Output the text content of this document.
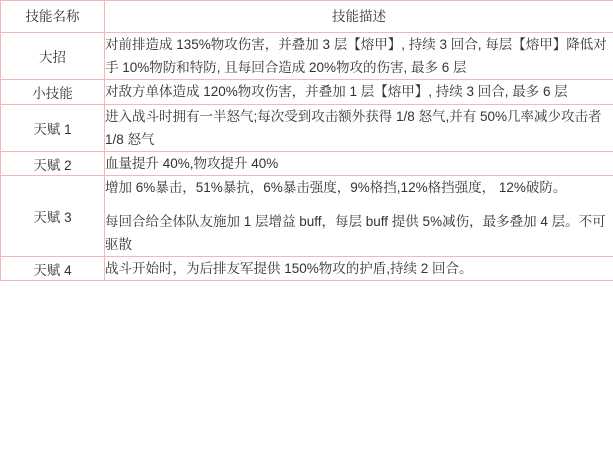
技能名称	技能描述
大招	对前排造成 135%物攻伤害，并叠加 3 层【熔甲】, 持续 3 回合, 每层【熔甲】降低对手 10%物防和特防, 且每回合造成 20%物攻的伤害, 最多 6 层

小技能	对敌方单体造成 120%物攻伤害，并叠加 1 层【熔甲】, 持续 3 回合, 最多 6 层

天赋 1	进入战斗时拥有一半怒气;每次受到攻击额外获得 1/8 怒气,并有 50%几率减少攻击者 1/8 怒气

天赋 2	血量提升 40%,物攻提升 40%

天赋 3	增加 6%暴击，51%暴抗，6%暴击强度，9%格挡,12%格挡强度， 12%破防。

每回合给全体队友施加 1 层增益 buff，每层 buff 提供 5%减伤，最多叠加 4 层。不可驱散

天赋 4	战斗开始时，为后排友军提供 150%物攻的护盾,持续 2 回合。
